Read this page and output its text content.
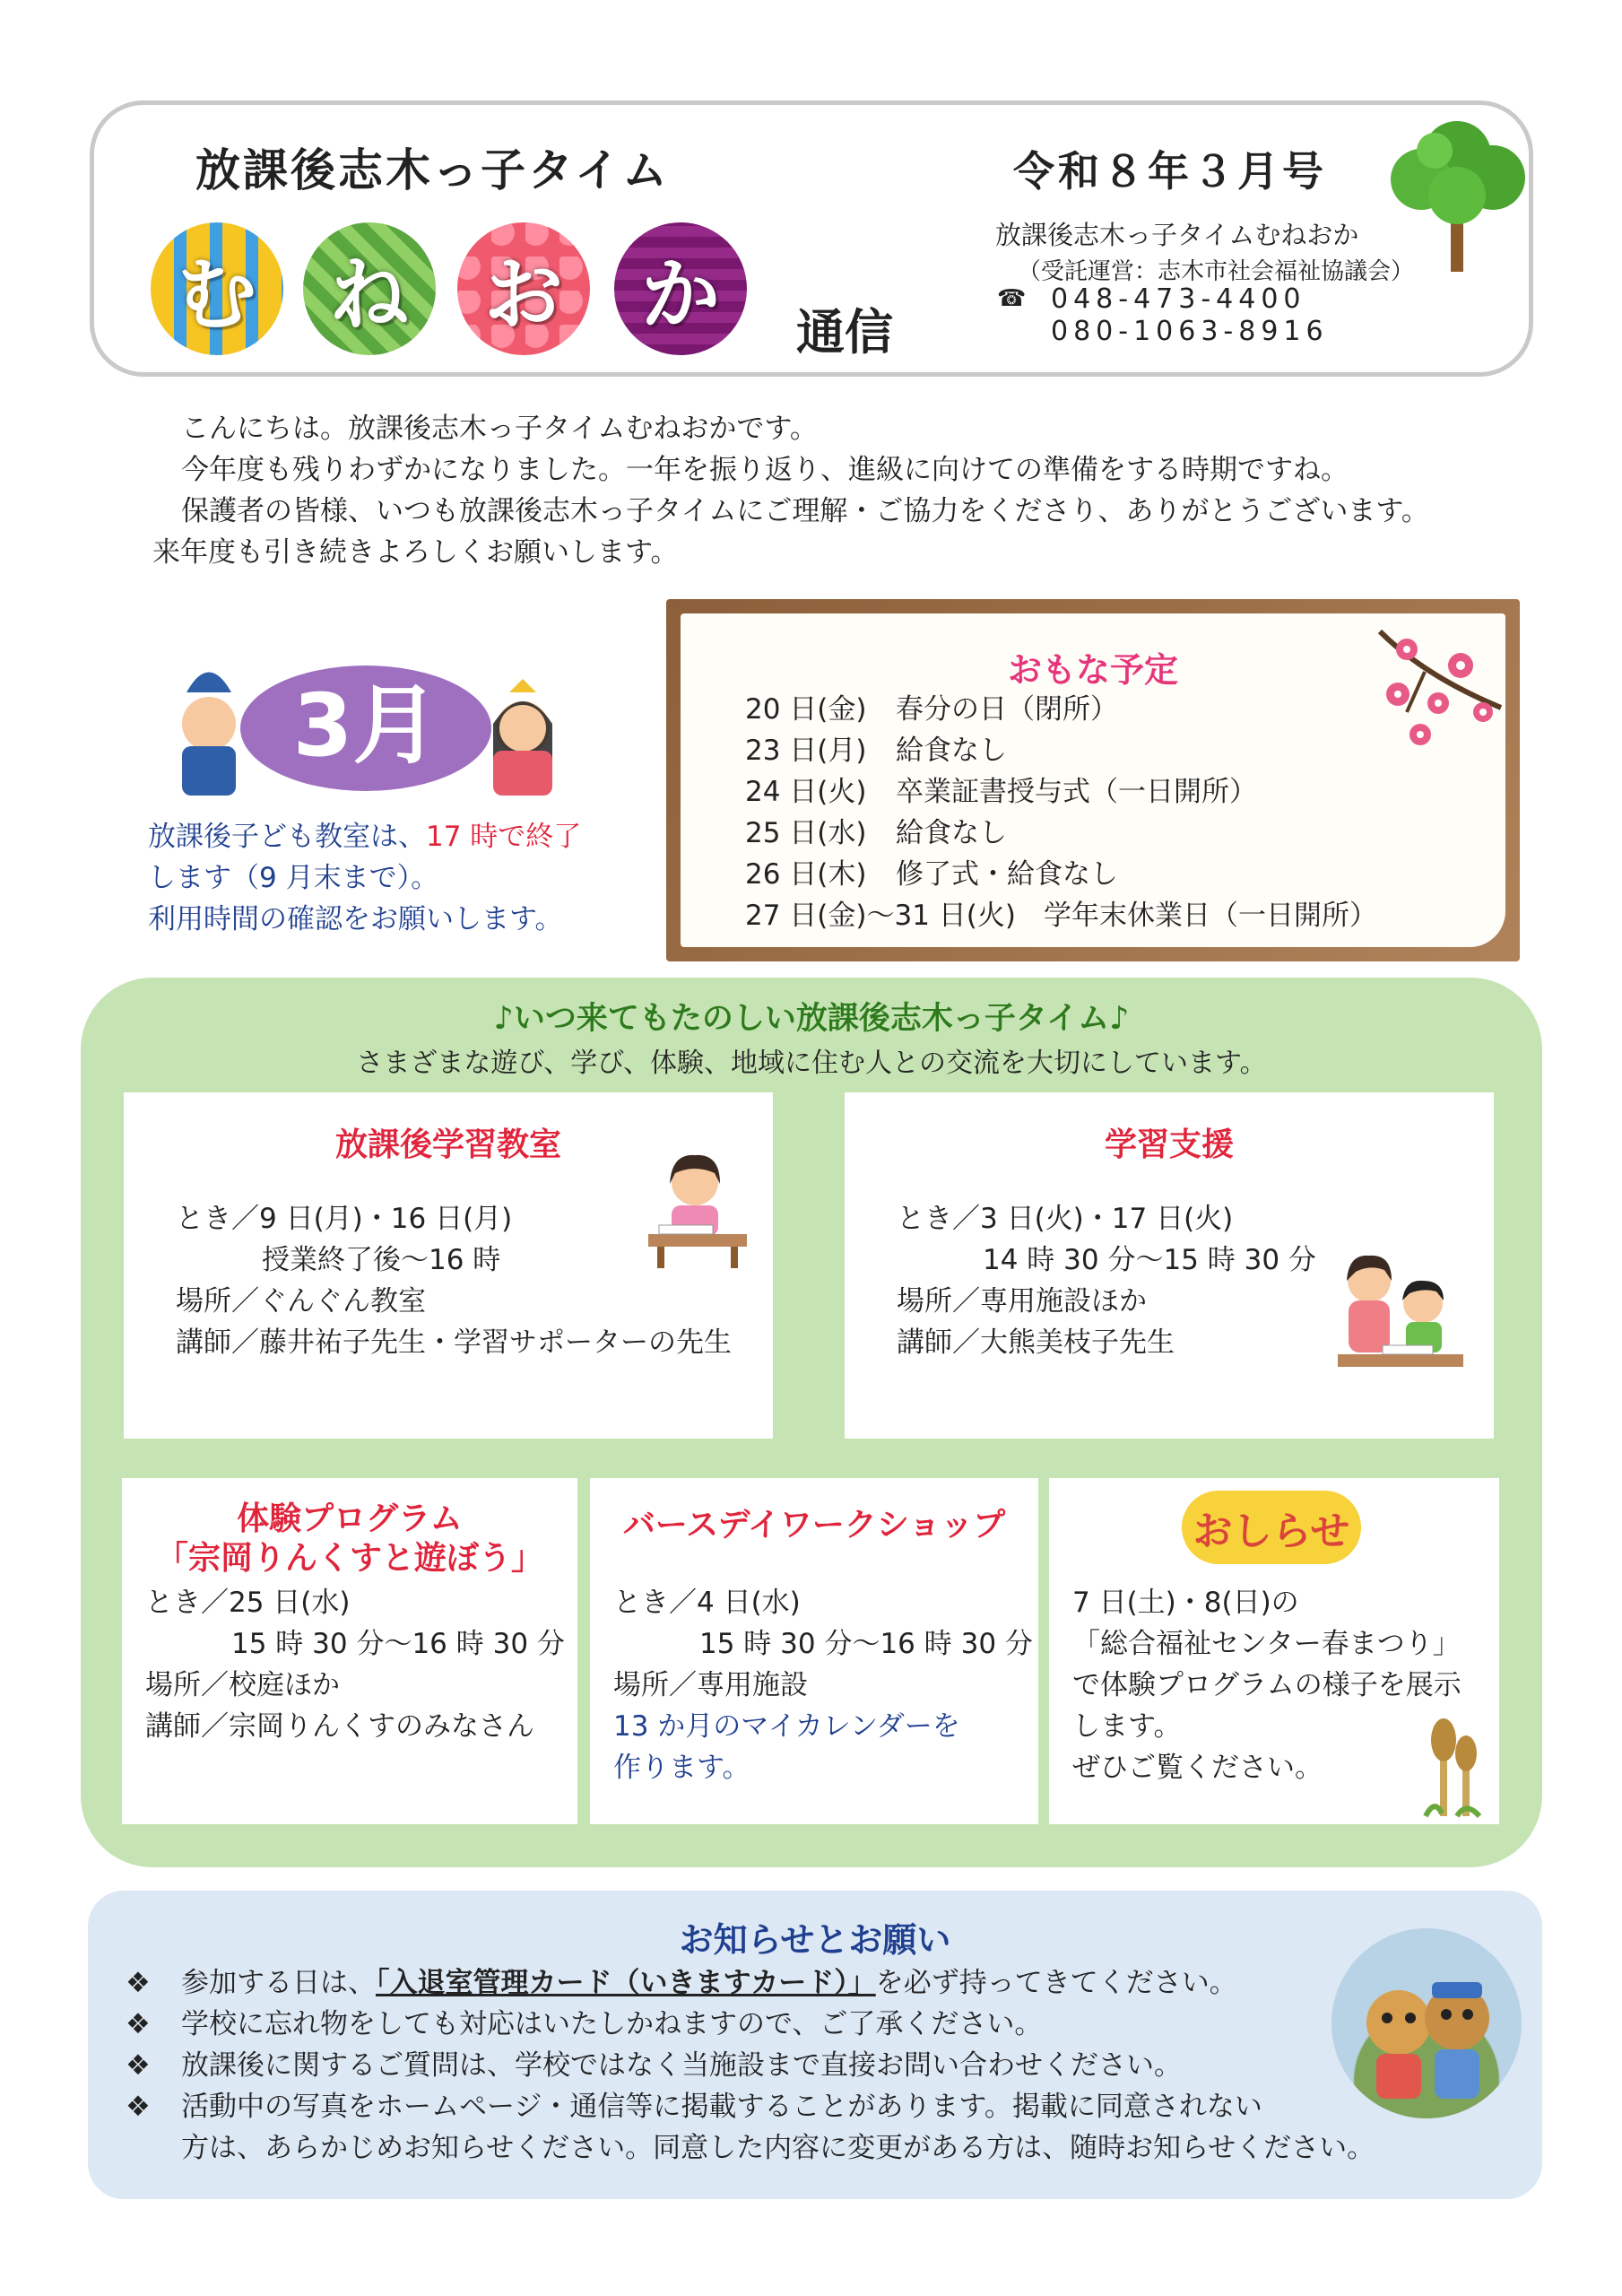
放課後志木っ子タイム
む ね お か	通信
令和８年３月号
放課後志木っ子タイムむねおか
（受託運営：志木市社会福祉協議会）
☎ 048-473-4400
080-1063-8916

こんにちは。放課後志木っ子タイムむねおかです。

今年度も残りわずかになりました。一年を振り返り、進級に向けての準備をする時期ですね。

保護者の皆様、いつも放課後志木っ子タイムにご理解・ご協力をくださり、ありがとうございます。

来年度も引き続きよろしくお願いします。

3月

放課後子ども教室は、17 時で終了

します（9 月末まで）。

利用時間の確認をお願いします。

おもな予定
20 日(金)	春分の日（閉所）
23 日(月)	給食なし
24 日(火)	卒業証書授与式（一日開所）
25 日(水)	給食なし
26 日(木)	修了式・給食なし
27 日(金)～31 日(火)　学年末休業日（一日開所）
♪いつ来てもたのしい放課後志木っ子タイム♪
さまざまな遊び、学び、体験、地域に住む人との交流を大切にしています。
放課後学習教室

とき／9 日(月)・16 日(月)

授業終了後～16 時

場所／ぐんぐん教室

講師／藤井祐子先生・学習サポーターの先生

学習支援

とき／3 日(火)・17 日(火)

14 時 30 分～15 時 30 分

場所／専用施設ほか

講師／大熊美枝子先生

体験プログラム
「宗岡りんくすと遊ぼう」

とき／25 日(水)

15 時 30 分～16 時 30 分

場所／校庭ほか

講師／宗岡りんくすのみなさん

バースデイワークショップ

とき／4 日(水)

15 時 30 分～16 時 30 分

場所／専用施設

13 か月のマイカレンダーを

作ります。

おしらせ

7 日(土)・8(日)の

「総合福祉センター春まつり」

で体験プログラムの様子を展示

します。

ぜひご覧ください。

お知らせとお願い
❖	参加する日は、「入退室管理カード（いきますカード）」を必ず持ってきてください。
❖	学校に忘れ物をしても対応はいたしかねますので、ご了承ください。
❖	放課後に関するご質問は、学校ではなく当施設まで直接お問い合わせください。
❖	活動中の写真をホームページ・通信等に掲載することがあります。掲載に同意されない
方は、あらかじめお知らせください。同意した内容に変更がある方は、随時お知らせください。
